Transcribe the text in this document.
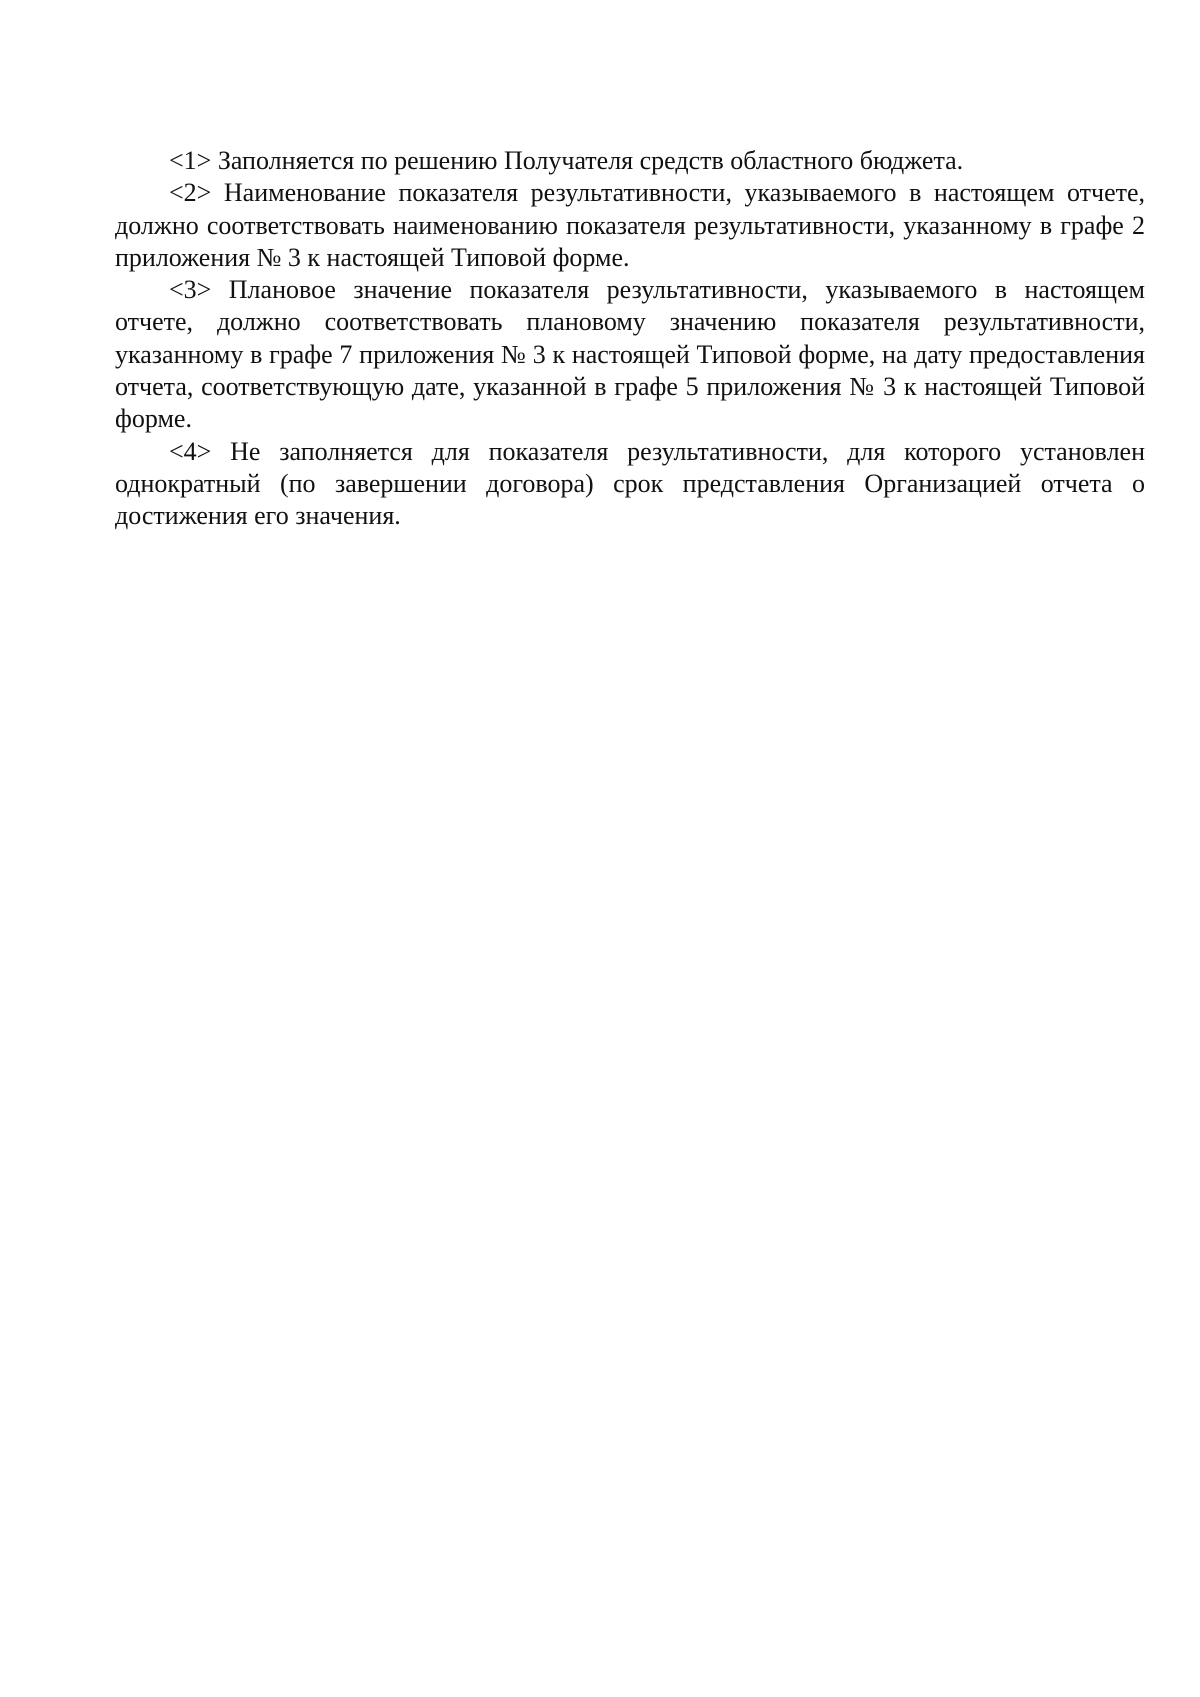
<1> Заполняется по решению Получателя средств областного бюджета.

<2> Наименование показателя результативности, указываемого в настоящем отчете, должно соответствовать наименованию показателя результативности, указанному в графе 2 приложения № 3 к настоящей Типовой форме.

<3> Плановое значение показателя результативности, указываемого в настоящем отчете, должно соответствовать плановому значению показателя результативности, указанному в графе 7 приложения № 3 к настоящей Типовой форме, на дату предоставления отчета, соответствующую дате, указанной в графе 5 приложения № 3 к настоящей Типовой форме.

<4> Не заполняется для показателя результативности, для которого установлен однократный (по завершении договора) срок представления Организацией отчета о достижения его значения.
